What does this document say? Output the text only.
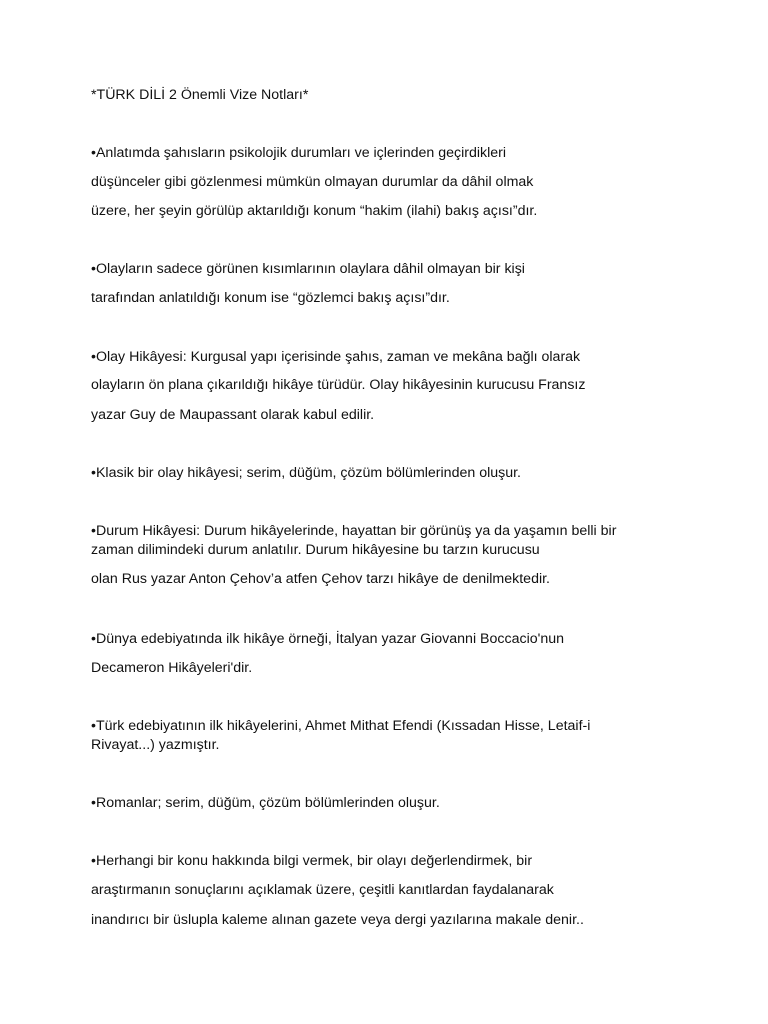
*TÜRK DİLİ 2 Önemli Vize Notları*
•Anlatımda şahısların psikolojik durumları ve içlerinden geçirdikleri
düşünceler gibi gözlenmesi mümkün olmayan durumlar da dâhil olmak
üzere, her şeyin görülüp aktarıldığı konum “hakim (ilahi) bakış açısı”dır.
•Olayların sadece görünen kısımlarının olaylara dâhil olmayan bir kişi
tarafından anlatıldığı konum ise “gözlemci bakış açısı”dır.
•Olay Hikâyesi: Kurgusal yapı içerisinde şahıs, zaman ve mekâna bağlı olarak
olayların ön plana çıkarıldığı hikâye türüdür. Olay hikâyesinin kurucusu Fransız
yazar Guy de Maupassant olarak kabul edilir.
•Klasik bir olay hikâyesi; serim, düğüm, çözüm bölümlerinden oluşur.
•Durum Hikâyesi: Durum hikâyelerinde, hayattan bir görünüş ya da yaşamın belli bir
zaman dilimindeki durum anlatılır. Durum hikâyesine bu tarzın kurucusu
olan Rus yazar Anton Çehov’a atfen Çehov tarzı hikâye de denilmektedir.
•Dünya edebiyatında ilk hikâye örneği, İtalyan yazar Giovanni Boccacio'nun
Decameron Hikâyeleri'dir.
•Türk edebiyatının ilk hikâyelerini, Ahmet Mithat Efendi (Kıssadan Hisse, Letaif-i
Rivayat...) yazmıştır.
•Romanlar; serim, düğüm, çözüm bölümlerinden oluşur.
•Herhangi bir konu hakkında bilgi vermek, bir olayı değerlendirmek, bir
araştırmanın sonuçlarını açıklamak üzere, çeşitli kanıtlardan faydalanarak
inandırıcı bir üslupla kaleme alınan gazete veya dergi yazılarına makale denir..
